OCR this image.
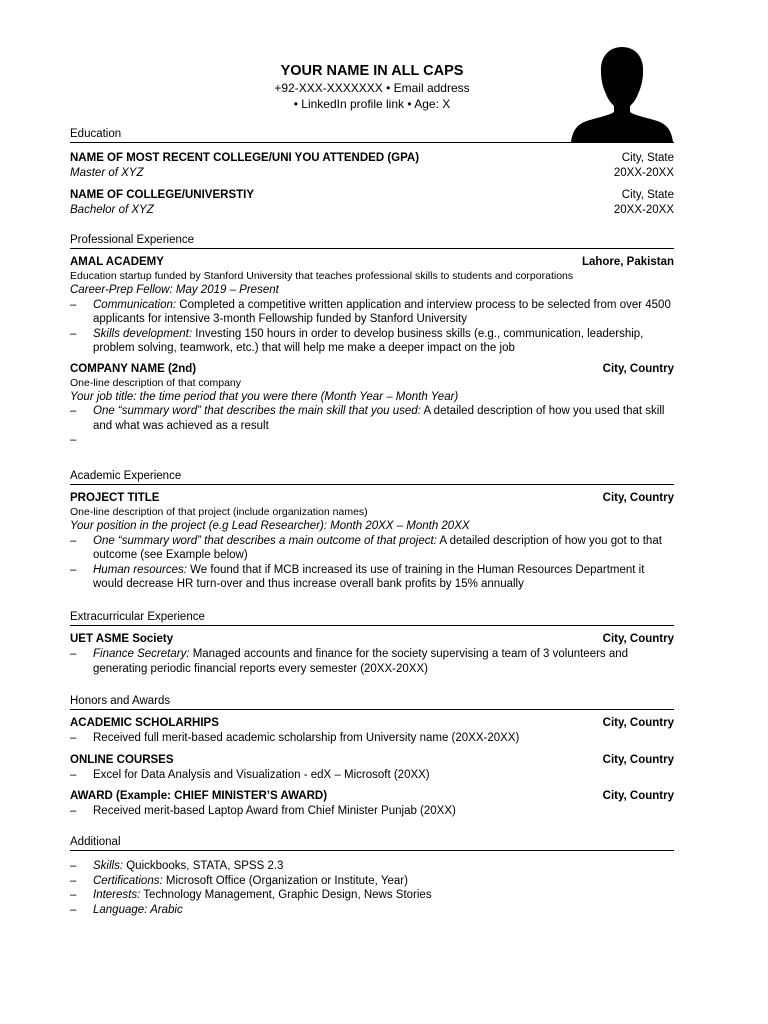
YOUR NAME IN ALL CAPS
+92-XXX-XXXXXXX • Email address
• LinkedIn profile link • Age: X
Education
NAME OF MOST RECENT COLLEGE/UNI YOU ATTENDED (GPA)	City, State
Master of XYZ	20XX-20XX
NAME OF COLLEGE/UNIVERSTIY	City, State
Bachelor of XYZ	20XX-20XX
Professional Experience
AMAL ACADEMY	Lahore, Pakistan
Education startup funded by Stanford University that teaches professional skills to students and corporations
Career-Prep Fellow: May 2019 – Present
– Communication: Completed a competitive written application and interview process to be selected from over 4500 applicants for intensive 3-month Fellowship funded by Stanford University
– Skills development: Investing 150 hours in order to develop business skills (e.g., communication, leadership, problem solving, teamwork, etc.) that will help me make a deeper impact on the job
COMPANY NAME (2nd)	City, Country
One-line description of that company
Your job title: the time period that you were there (Month Year – Month Year)
– One “summary word” that describes the main skill that you used: A detailed description of how you used that skill and what was achieved as a result
–
Academic Experience
PROJECT TITLE	City, Country
One-line description of that project (include organization names)
Your position in the project (e.g Lead Researcher): Month 20XX – Month 20XX
– One “summary word” that describes a main outcome of that project: A detailed description of how you got to that outcome (see Example below)
– Human resources: We found that if MCB increased its use of training in the Human Resources Department it would decrease HR turn-over and thus increase overall bank profits by 15% annually
Extracurricular Experience
UET ASME Society	City, Country
– Finance Secretary: Managed accounts and finance for the society supervising a team of 3 volunteers and generating periodic financial reports every semester (20XX-20XX)
Honors and Awards
ACADEMIC SCHOLARHIPS	City, Country
– Received full merit-based academic scholarship from University name (20XX-20XX)
ONLINE COURSES	City, Country
– Excel for Data Analysis and Visualization - edX – Microsoft (20XX)
AWARD (Example: CHIEF MINISTER’S AWARD)	City, Country
– Received merit-based Laptop Award from Chief Minister Punjab (20XX)
Additional
– Skills: Quickbooks, STATA, SPSS 2.3
– Certifications: Microsoft Office (Organization or Institute, Year)
– Interests: Technology Management, Graphic Design, News Stories
– Language: Arabic
